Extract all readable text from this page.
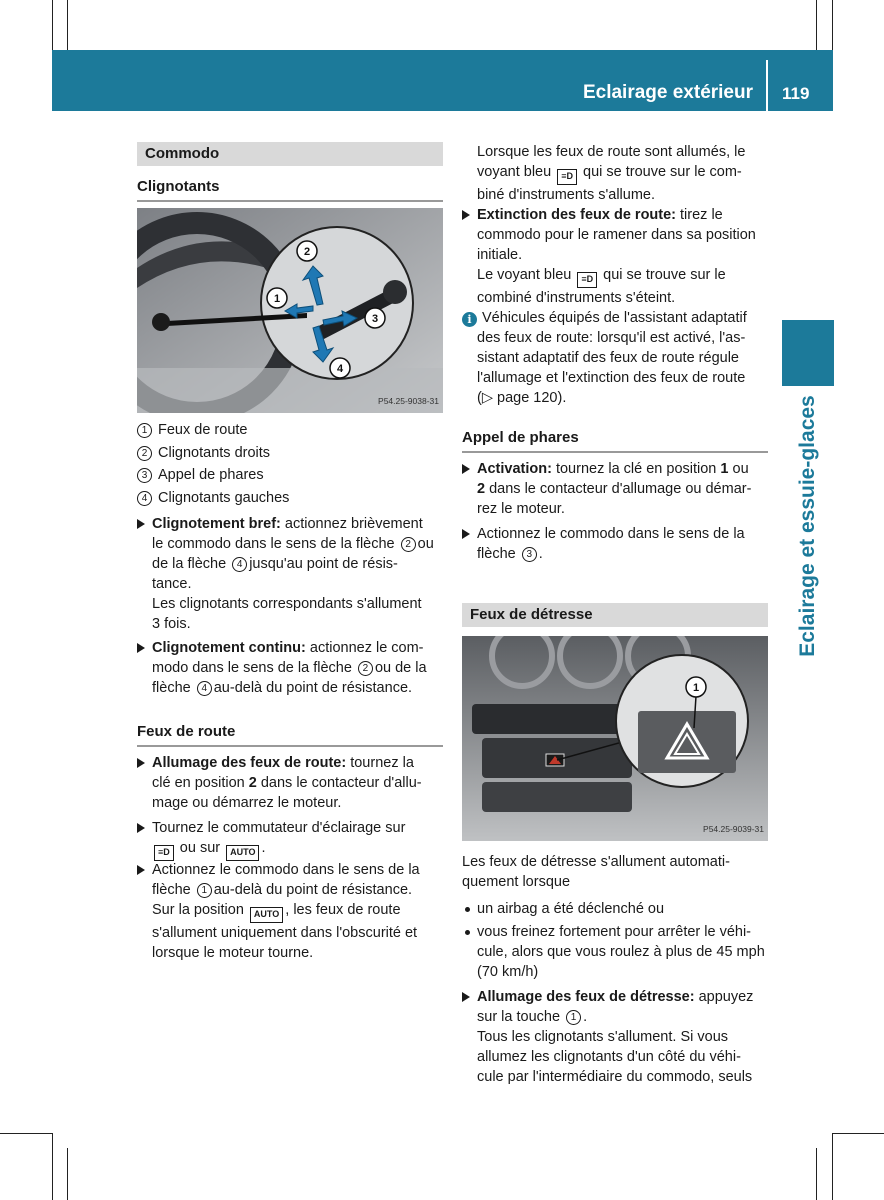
Eclairage extérieur 119
Eclairage et essuie-glaces
Commodo
Clignotants
1
2
3
4
P54.25-9038-31
1 Feux de route
2 Clignotants droits
3 Appel de phares
4 Clignotants gauches
Clignotement bref: actionnez brièvement
le commodo dans le sens de la flèche 2 ou
de la flèche 4 jusqu'au point de résis-
tance.
Les clignotants correspondants s'allument
3 fois.
Clignotement continu: actionnez le com-
modo dans le sens de la flèche 2 ou de la
flèche 4 au-delà du point de résistance.
Feux de route
Allumage des feux de route: tournez la
clé en position 2 dans le contacteur d'allu-
mage ou démarrez le moteur.
Tournez le commutateur d'éclairage sur
≡D ou sur AUTO .
Actionnez le commodo dans le sens de la
flèche 1 au-delà du point de résistance.
Sur la position AUTO , les feux de route
s'allument uniquement dans l'obscurité et
lorsque le moteur tourne.
Lorsque les feux de route sont allumés, le
voyant bleu ≡D qui se trouve sur le com-
biné d'instruments s'allume.
Extinction des feux de route: tirez le
commodo pour le ramener dans sa position
initiale.
Le voyant bleu ≡D qui se trouve sur le
combiné d'instruments s'éteint.
i Véhicules équipés de l'assistant adaptatif
des feux de route: lorsqu'il est activé, l'as-
sistant adaptatif des feux de route régule
l'allumage et l'extinction des feux de route
(▷ page 120).
Appel de phares
Activation: tournez la clé en position 1 ou
2 dans le contacteur d'allumage ou démar-
rez le moteur.
Actionnez le commodo dans le sens de la
flèche 3 .
Feux de détresse
1
P54.25-9039-31
Les feux de détresse s'allument automati-
quement lorsque
un airbag a été déclenché ou
vous freinez fortement pour arrêter le véhi-
cule, alors que vous roulez à plus de 45 mph
(70 km/h)
Allumage des feux de détresse: appuyez
sur la touche 1 .
Tous les clignotants s'allument. Si vous
allumez les clignotants d'un côté du véhi-
cule par l'intermédiaire du commodo, seuls
